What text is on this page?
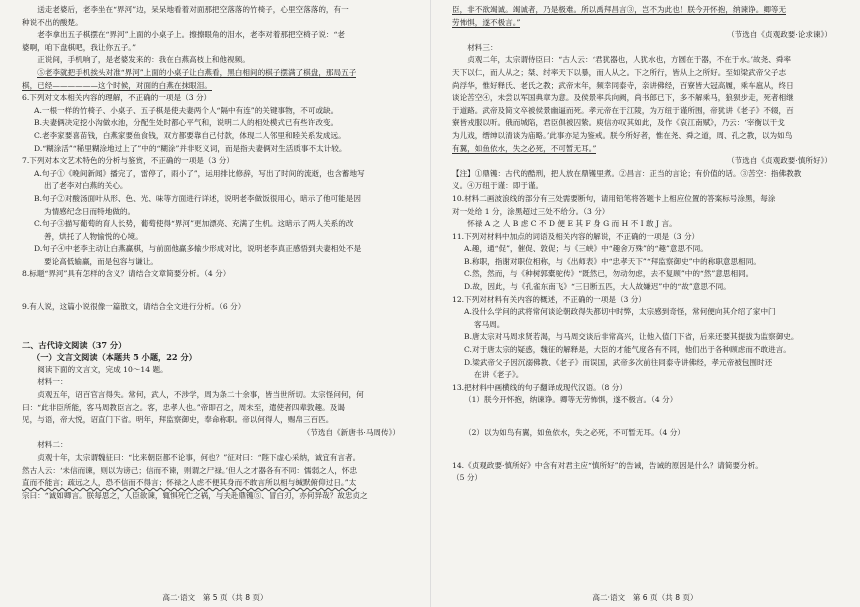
送走老婆后，老李坐在“界河”边，呆呆地看着对面那把空落落的竹椅子，心里空落落的，有一

种说不出的酸楚。

老李拿出五子棋摆在“界河”上面的小桌子上。擦擦眼角的泪水，老李对着那把空椅子说：“老

婆啊，咱下盘棋吧，我让你五子。”

正说间，手机响了，是老婆发来的：我在白燕高枝上和他视频。

⑤老李就把手机挨头对准“界河”上面的小桌子让白燕看，黑白相间的棋子摆满了棋盘，那局五子

棋，已经——————这个时候，对面的白燕在抹眼泪。

6.下列对文本相关内容的理解，不正确的一项是（3 分）

A.一根一样的竹椅子、小桌子、五子棋是使夫妻两个人“隔中有连”的关键事物，不可或缺。

B.夫妻俩决定挖小沟做水池，分配生处时都心平气和，说明二人的相处模式已有些许改变。

C.老李家要喜苗钱，白燕家要鱼食钱，双方都要靠自己付款，体现二人邻里和睦关系发成远。

D.“糊涂活”“稀里糊涂地过上了”中的“糊涂”并非贬义词，而是指夫妻俩对生活质事不太计较。

7.下列对本文艺术特色的分析与鉴赏，不正确的一项是（3 分）

A.句子①《晚间新闻》播完了，雷停了，雨小了”，运用排比修辞，写出了时间的流逝，也含蓄地写

出了老李对白燕的关心。

B.句子②对酸汤面叶从形、色、光、味等方面进行详述，说明老李做饭很用心，暗示了他可能是因

为情感纪念日而特地做的。

C.句子③描写葡萄的育人长势，葡萄使得“界河”更加漂亮、充满了生机。这暗示了两人关系的改

善，烘托了人物愉悦的心境。

D.句子④中老李主动让白燕赢棋，与前面他赢多输少形成对比，说明老李真正感悟到夫妻相处不是

要论高低输赢，而是包容与谦让。

8.标题“界河”具有怎样的含义？请结合文章简要分析。（4 分）

9.有人说，这篇小说很像一篇散文，请结合全文进行分析。（6 分）

二、古代诗文阅读（37 分）

（一）文言文阅读（本题共 5 小题，22 分）

阅读下面的文言文，完成 10～14 题。

材料一：

贞观五年，诏百官言得失。常何，武人，不涉学，周为条二十余事，皆当世所切。太宗怪问何，何

曰：“此非臣所能，客马周教臣言之。客，忠孝人也。”帝即召之，周未至，遣使者四辈敦趣。及谒

见，与语，帝大悦，诏直门下省。明年，拜监察御史，奉命称职。帝以何得人，赐帛三百匹。

（节选自《新唐书·马周传》）

材料二：

贞观十年，太宗谓魏征曰：“比来朝臣都不论事，何也？”征对曰：“陛下虚心采纳，诚宜有言者。

然古人云：‘未信而谏，则以为谤己；信而不谏，则谓之尸禄。’但人之才器各有不同：懦弱之人，怀忠

直而不能言；疏远之人，恐不信而不得言；怀禄之人虑不便其身而不敢言所以相与缄默俯仰过日。”太

宗曰：“诚如卿言。朕每思之，人臣欲谏，辄惧死亡之祸，与夫赴鼎镬⑤、冒白刃，亦何异哉？故忠贞之

高二·语文　第 5 页（共 8 页）

臣，非不欲竭诚。竭诚者，乃是极难。所以禹拜昌言③，岂不为此也！朕今开怀抱，纳谏诤。卿等无

劳怖惧，遂不极言。”

（节选自《贞观政要·论求谏》）

材料三：

贞观二年，太宗谓侍臣曰：“古人云：‘君犹器也，人犹水也，方圆在于器，不在于水。’故尧、舜率

天下以仁，而人从之；桀、纣率天下以暴，而人从之。下之所行，皆从上之所好。至如梁武帝父子志

尚浮华，惟好释氏、老氏之教；武帝末年，频幸同泰寺，亲讲佛经，百寮皆大冠高履，乘车扈从，终日

谈论苦空④，未尝以军国典章为意。及侯景率兵向阙，尚书郎已下，多不解乘马，狼狈步走，死者相继

于道路。武帝及简文卒被侯景幽逼而死。孝元帝在于江陵，为万纽于谨所围，帝犹讲《老子》不辍，百

寮皆戎服以听。俄而城陷，君臣俱被囚絷。庾信亦叹其如此，及作《哀江南赋》，乃云：‘宰衡以干戈

为儿戏，缙绅以清谈为庙略。’此事亦足为鉴戒。朕今所好者，惟在尧、舜之道，周、孔之教，以为如鸟

有翼，如鱼依水，失之必死，不可暂无耳。”

（节选自《贞观政要·慎所好》）

【注】①鼎镬：古代的酷刑，把人放在鼎镬里煮。②昌言：正当的言论；有价值的话。③苦空：指佛教教

义。④万纽于谨：即于谨。

10.材料二画波浪线的部分有三处需要断句，请用铅笔将答题卡上相应位置的答案标号涂黑，每涂

对一处给 1 分，涂黑超过三处不给分。（3 分）

怀禄 A 之 人 B 虑 C 不 D 便 E 其 F 身 G 而 H 不 I 敢 J 言。

11.下列对材料中加点的词语及相关内容的解说，不正确的一项是（3 分）

A.趣，通“促”，催促、敦促；与《三峡》中“趣舍万殊”的“趣”意思不同。

B.称职，指谢对职位相称，与《出师表》中“忠孝天下”“拜监察御史”中的称职意思相同。

C.然，然而，与《种树郭橐驼传》“既然已，勿动勿虑，去不复顾”中的“然”意思相同。

D.故，因此，与《孔雀东南飞》“三日断五匹，大人故嫌迟”中的“故”意思不同。

12.下列对材料有关内容的概述，不正确的一项是（3 分）

A.没什么学问的武将常何谈论朝政得失都切中时弊，太宗感到奇怪，常何便向其介绍了家中门

客马周。

B.唐太宗对马周求贤若渴，与马周交谈后非常高兴，让他入值门下省，后来还要其提拔为监察御史。

C.对于唐太宗的疑惑，魏征的解释是，大臣的才能气度各有不同，他们出于各种顾虑而不敢进言。

D.梁武帝父子因沉溺佛教、《老子》而误国，武帝多次前往同泰寺讲佛经，孝元帝被包围时还

在讲《老子》。

13.把材料中画横线的句子翻译成现代汉语。（8 分）

（1）朕今开怀抱，纳谏诤。卿等无劳怖惧，遂不极言。（4 分）

（2）以为如鸟有翼，如鱼依水，失之必死，不可暂无耳。（4 分）

14.《贞观政要·慎所好》中含有对君主应“慎所好”的告诫，告诫的原因是什么？请简要分析。

（5 分）

高二·语文　第 6 页（共 8 页）
